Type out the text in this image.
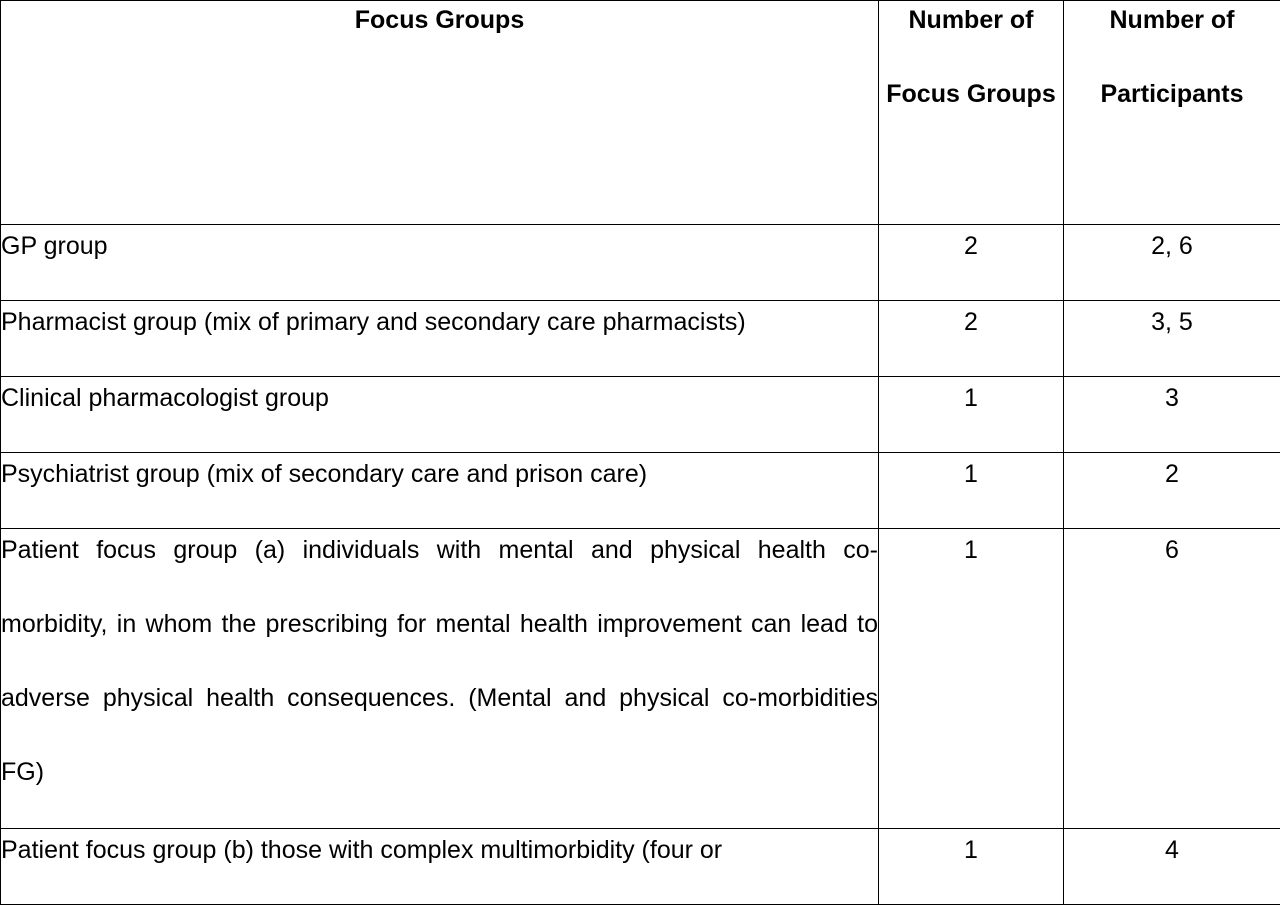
Focus Groups	Number of Focus Groups	Number of Participants

GP group	2	2, 6

Pharmacist group (mix of primary and secondary care pharmacists)	2	3, 5

Clinical pharmacologist group	1	3

Psychiatrist group (mix of secondary care and prison care)	1	2

Patient focus group (a) individuals with mental and physical health co-morbidity, in whom the prescribing for mental health improvement can lead to adverse physical health consequences. (Mental and physical co-morbidities FG)	1	6

Patient focus group (b) those with complex multimorbidity (four or	1	4
